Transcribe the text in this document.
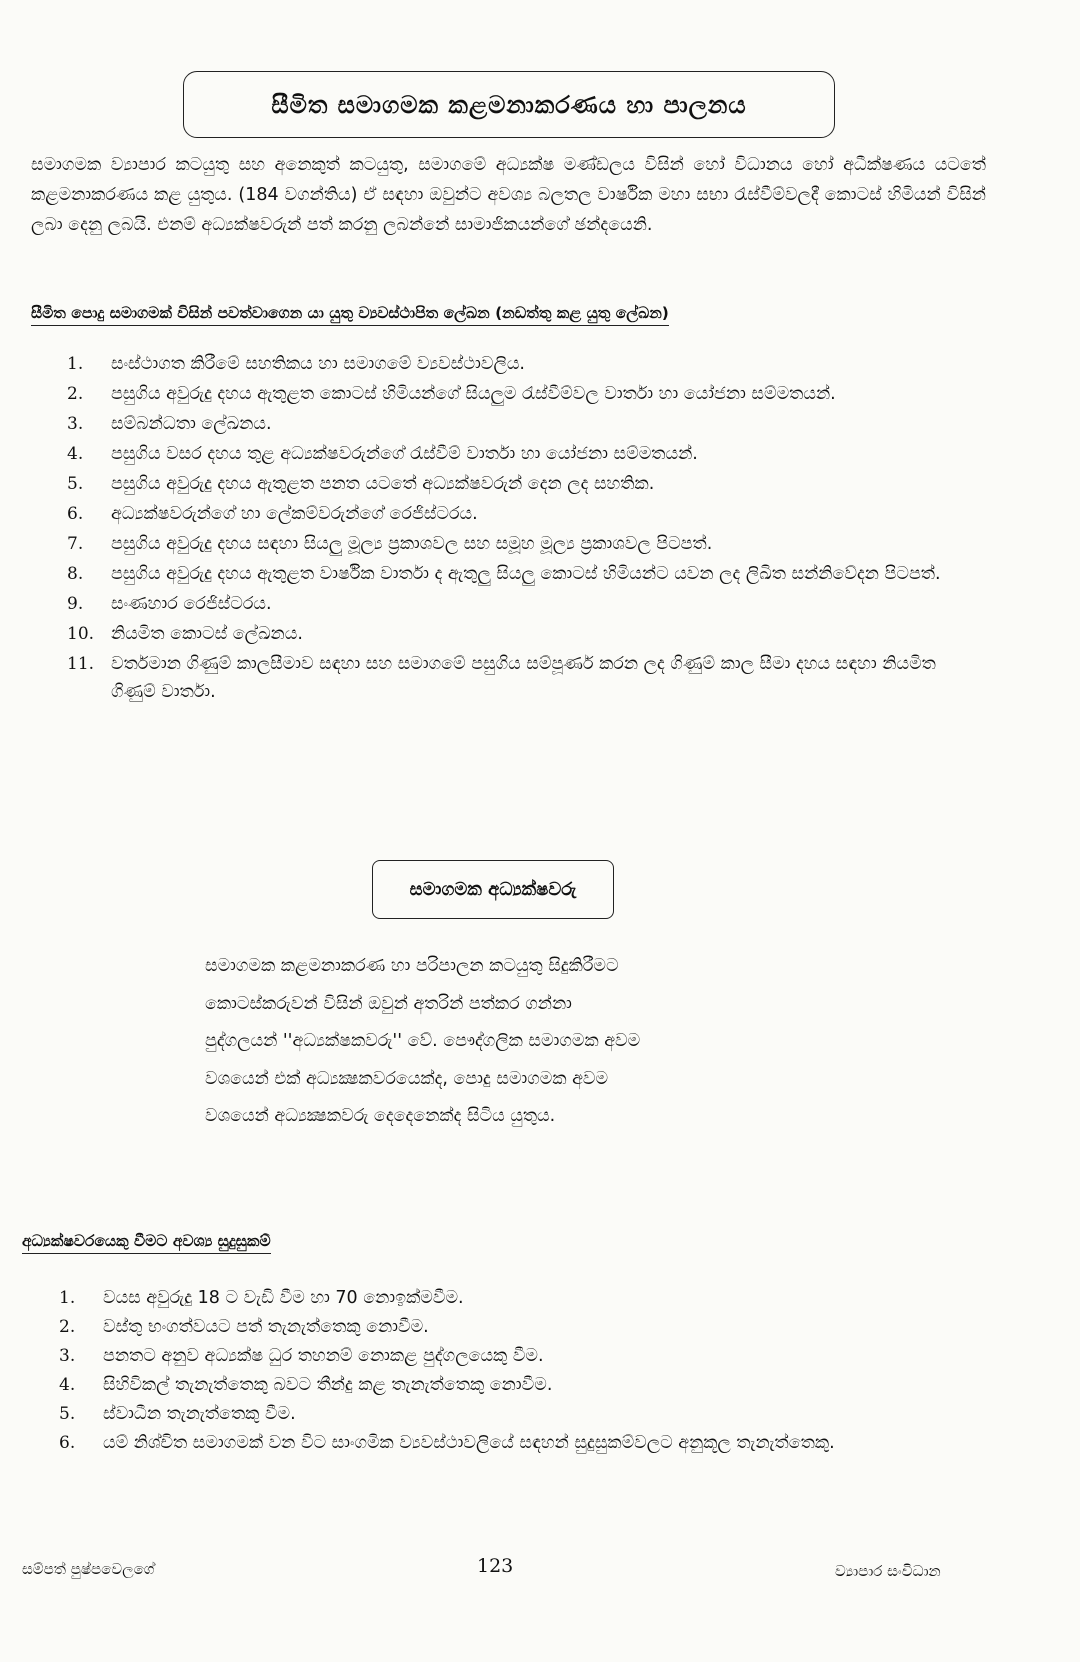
සීමිත සමාගමක කළමනාකරණය හා පාලනය
සමාගමක ව්‍යාපාර කටයුතු සහ අනෙකුත් කටයුතු, සමාගමේ අධ්‍යක්ෂ මණ්ඩලය විසින් හෝ විධානය හෝ අධීක්ෂණය යටතේ කළමනාකරණය කළ යුතුය. (184 වගන්තිය) ඒ සඳහා ඔවුන්ට අවශ්‍ය බලතල වාර්ෂික මහා සභා රැස්වීම්වලදී කොටස් හිමියන් විසින් ලබා දෙනු ලබයි. එනම් අධ්‍යක්ෂවරුන් පත් කරනු ලබන්නේ සාමාජිකයන්ගේ ඡන්දයෙනි.
සීමිත පොදු සමාගමක් විසින් පවත්වාගෙන යා යුතු ව්‍යවස්ථාපිත ලේඛන (නඩත්තු කළ යුතු ලේඛන)
1.	සංස්ථාගත කිරීමේ සහතිකය හා සමාගමේ ව්‍යවස්ථාවලිය.
2.	පසුගිය අවුරුදු දහය ඇතුළත කොටස් හිමියන්ගේ සියලුම රැස්වීම්වල වාර්තා හා යෝජනා සම්මතයන්.
3.	සම්බන්ධතා ලේඛනය.
4.	පසුගිය වසර දහය තුළ අධ්‍යක්ෂවරුන්ගේ රැස්වීම් වාර්තා හා යෝජනා සම්මතයන්.
5.	පසුගිය අවුරුදු දහය ඇතුළත පනත යටතේ අධ්‍යක්ෂවරුන් දෙන ලද සහතික.
6.	අධ්‍යක්ෂවරුන්ගේ හා ලේකම්වරුන්ගේ රෙජිස්ටරය.
7.	පසුගිය අවුරුදු දහය සඳහා සියලු මූල්‍ය ප්‍රකාශවල සහ සමූහ මූල්‍ය ප්‍රකාශවල පිටපත්.
8.	පසුගිය අවුරුදු දහය ඇතුළත වාර්ෂික වාර්තා ද ඇතුලු සියලු කොටස් හිමියන්ට යවන ලද ලිඛිත සන්නිවේදන පිටපත්.
9.	සංණහාර රෙජිස්ටරය.
10. නියමිත කොටස් ලේඛනය.
11. වර්තමාන ගිණුම් කාලසීමාව සඳහා සහ සමාගමේ පසුගිය සම්පූර්ණ කරන ලද ගිණුම් කාල සීමා දහය සඳහා නියමිත ගිණුම් වාර්තා.
සමාගමක අධ්‍යක්ෂවරු
සමාගමක කළමනාකරණ හා පරිපාලන කටයුතු සිදුකිරීමට
කොටස්කරුවන් විසින් ඔවුන් අතරින් පත්කර ගන්නා
පුද්ගලයන් ''අධ්‍යක්ෂකවරු'' වේ. පෞද්ගලික සමාගමක අවම
වශයෙන් එක් අධ්‍යක්‍ෂකවරයෙක්ද, පොදු සමාගමක අවම
වශයෙන් අධ්‍යක්‍ෂකවරු දෙදෙනෙක්ද සිටිය යුතුය.
අධ්‍යක්ෂවරයෙකු වීමට අවශ්‍ය සුදුසුකම්
1.	වයස අවුරුදු 18 ට වැඩි වීම හා 70 නොඉක්මවීම.
2.	වස්තු භංගත්වයට පත් තැනැත්තෙකු නොවීම.
3.	පනතට අනුව අධ්‍යක්ෂ ධුර තහනම් නොකළ පුද්ගලයෙකු වීම.
4.	සිහිවිකල් තැනැත්තෙකු බවට තීන්දු කළ තැනැත්තෙකු නොවීම.
5.	ස්වාධීන තැනැත්තෙකු වීම.
6.	යම් නිශ්චිත සමාගමක් වන විට සාංගමික ව්‍යවස්ථාවලියේ සඳහන් සුදුසුකම්වලට අනුකූල තැනැත්තෙකු.
සම්පත් පුෂ්පවෙලගේ	123	ව්‍යාපාර සංවිධාන
